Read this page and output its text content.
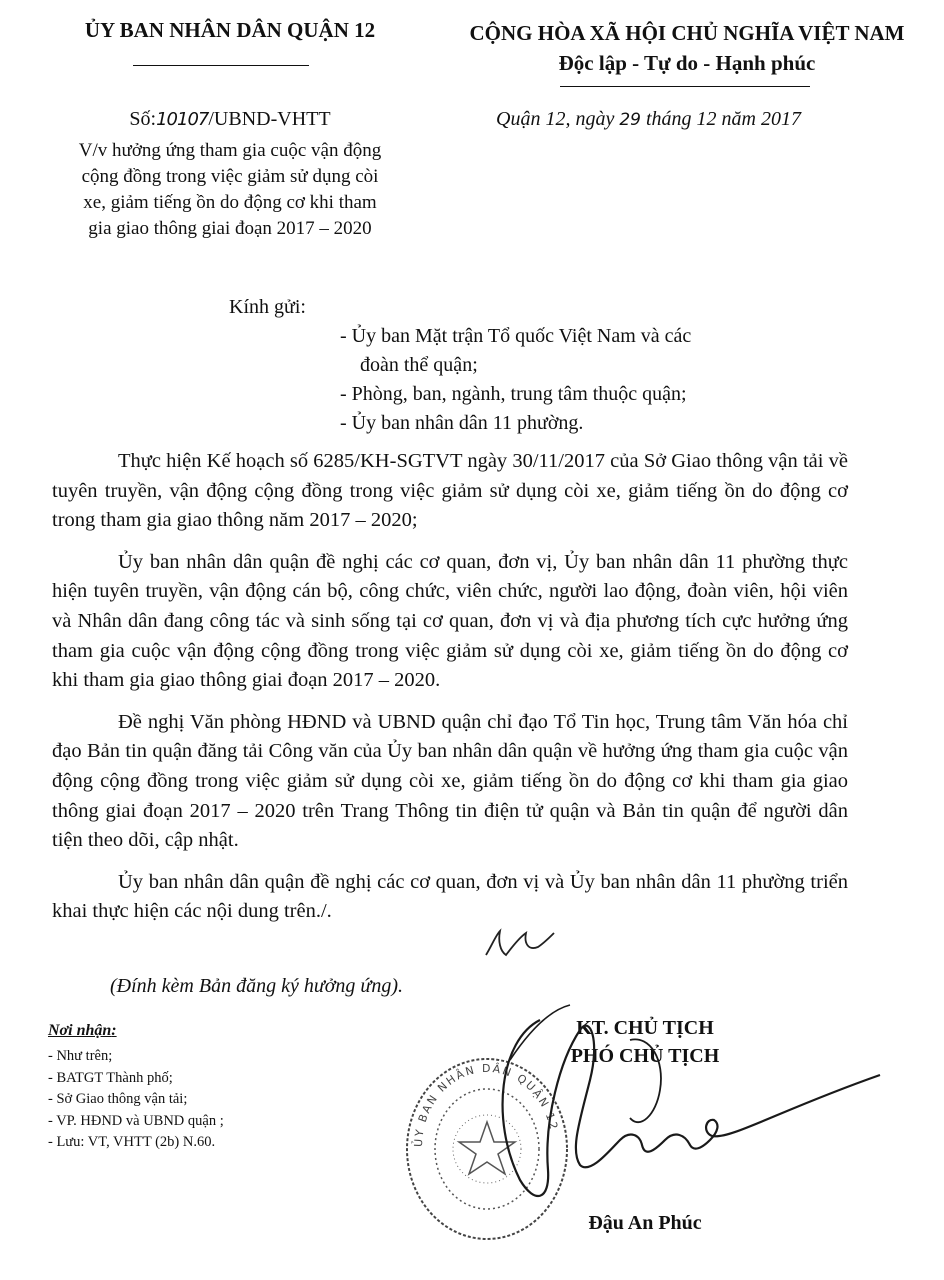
ỦY BAN NHÂN DÂN QUẬN 12	CỘNG HÒA XÃ HỘI CHỦ NGHĨA VIỆT NAM
Độc lập - Tự do - Hạnh phúc
Số:10107/UBND-VHTT
V/v hưởng ứng tham gia cuộc vận động
cộng đồng trong việc giảm sử dụng còi
xe, giảm tiếng ồn do động cơ khi tham
gia giao thông giai đoạn 2017 – 2020
Quận 12, ngày 29 tháng 12 năm 2017
Kính gửi:
- Ủy ban Mặt trận Tổ quốc Việt Nam và các
đoàn thể quận;
- Phòng, ban, ngành, trung tâm thuộc quận;
- Ủy ban nhân dân 11 phường.

Thực hiện Kế hoạch số 6285/KH-SGTVT ngày 30/11/2017 của Sở Giao thông vận tải về tuyên truyền, vận động cộng đồng trong việc giảm sử dụng còi xe, giảm tiếng ồn do động cơ trong tham gia giao thông năm 2017 – 2020;

Ủy ban nhân dân quận đề nghị các cơ quan, đơn vị, Ủy ban nhân dân 11 phường thực hiện tuyên truyền, vận động cán bộ, công chức, viên chức, người lao động, đoàn viên, hội viên và Nhân dân đang công tác và sinh sống tại cơ quan, đơn vị và địa phương tích cực hưởng ứng tham gia cuộc vận động cộng đồng trong việc giảm sử dụng còi xe, giảm tiếng ồn do động cơ khi tham gia giao thông giai đoạn 2017 – 2020.

Đề nghị Văn phòng HĐND và UBND quận chỉ đạo Tổ Tin học, Trung tâm Văn hóa chỉ đạo Bản tin quận đăng tải Công văn của Ủy ban nhân dân quận về hưởng ứng tham gia cuộc vận động cộng đồng trong việc giảm sử dụng còi xe, giảm tiếng ồn do động cơ khi tham gia giao thông giai đoạn 2017 – 2020 trên Trang Thông tin điện tử quận và Bản tin quận để người dân tiện theo dõi, cập nhật.

Ủy ban nhân dân quận đề nghị các cơ quan, đơn vị và Ủy ban nhân dân 11 phường triển khai thực hiện các nội dung trên./.

(Đính kèm Bản đăng ký hưởng ứng).
Nơi nhận:
- Như trên;
- BATGT Thành phố;
- Sở Giao thông vận tải;
- VP. HĐND và UBND quận ;
- Lưu: VT, VHTT (2b) N.60.	ỦY BAN NHÂN DÂN QUẬN 12
KT. CHỦ TỊCH
PHÓ CHỦ TỊCH
Đậu An Phúc
